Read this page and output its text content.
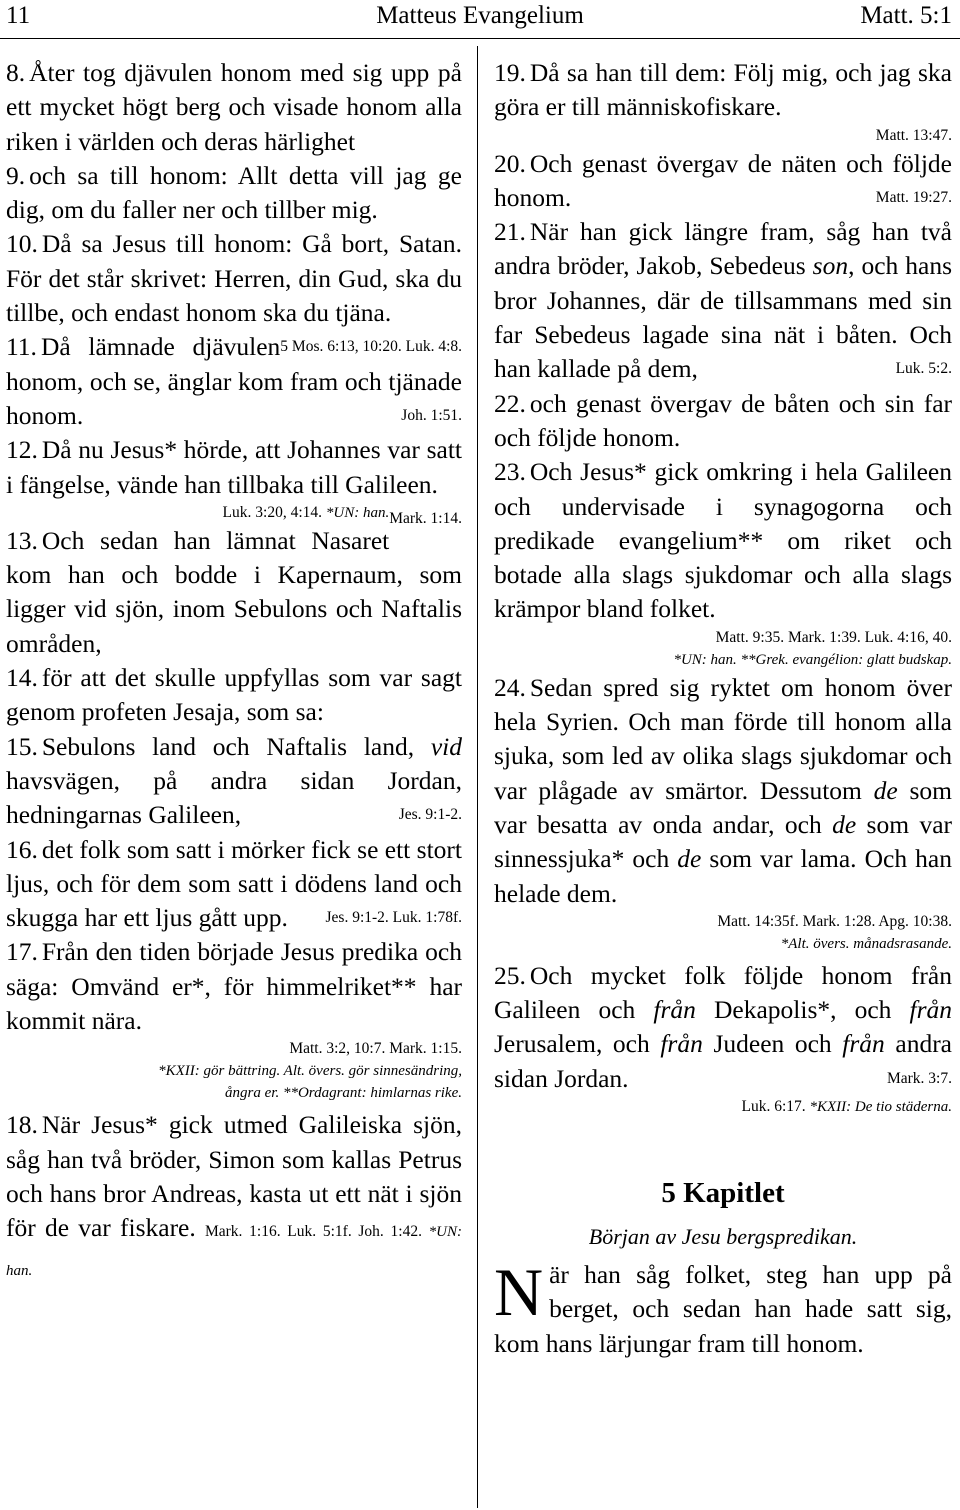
11	Matteus Evangelium	Matt. 5:1

8. Åter tog djävulen honom med sig upp på ett mycket högt berg och visade honom alla riken i världen och deras härlighet

9. och sa till honom: Allt detta vill jag ge dig, om du faller ner och tillber mig.

10. Då sa Jesus till honom: Gå bort, Satan. För det står skrivet: Herren, din Gud, ska du tillbe, och endast honom ska du tjäna.
5 Mos. 6:13, 10:20. Luk. 4:8.

11. Då lämnade djävulen honom, och se, änglar kom fram och tjänade honom.	Joh. 1:51.

12. Då nu Jesus* hörde, att Johannes var satt i fängelse, vände han tillbaka till Galileen.
Mark. 1:14.

Luk. 3:20, 4:14. *UN: han.

13. Och sedan han lämnat Nasaret kom han och bodde i Kapernaum, som ligger vid sjön, inom Sebulons och Naftalis områden,

14. för att det skulle uppfyllas som var sagt genom profeten Jesaja, som sa:

15. Sebulons land och Naftalis land, vid havsvägen, på andra sidan Jordan, hedningarnas Galileen,	Jes. 9:1-2.

16. det folk som satt i mörker fick se ett stort ljus, och för dem som satt i dödens land och skugga har ett ljus gått upp. Jes. 9:1-2. Luk. 1:78f.

17. Från den tiden började Jesus predika och säga: Omvänd er*, för himmelriket** har kommit nära.

Matt. 3:2, 10:7. Mark. 1:15.
*KXII: gör bättring. Alt. övers. gör sinnesändring,
ångra er. **Ordagrant: himlarnas rike.

18. När Jesus* gick utmed Galileiska sjön, såg han två bröder, Simon som kallas Petrus och hans bror Andreas, kasta ut ett nät i sjön för de var fiskare. Mark. 1:16. Luk. 5:1f. Joh. 1:42. *UN: han.

19. Då sa han till dem: Följ mig, och jag ska göra er till människofiskare.

Matt. 13:47.

20. Och genast övergav de näten och följde honom.	Matt. 19:27.

21. När han gick längre fram, såg han två andra bröder, Jakob, Sebedeus son, och hans bror Johannes, där de tillsammans med sin far Sebedeus lagade sina nät i båten. Och han kallade på dem,	Luk. 5:2.

22. och genast övergav de båten och sin far och följde honom.

23. Och Jesus* gick omkring i hela Galileen och undervisade i synagogorna och predikade evangelium** om riket och botade alla slags sjukdomar och alla slags krämpor bland folket.

Matt. 9:35. Mark. 1:39. Luk. 4:16, 40.
*UN: han. **Grek. evangélion: glatt budskap.

24. Sedan spred sig ryktet om honom över hela Syrien. Och man förde till honom alla sjuka, som led av olika slags sjukdomar och var plågade av smärtor. Dessutom de som var besatta av onda andar, och de som var sinnessjuka* och de som var lama. Och han helade dem.

Matt. 14:35f. Mark. 1:28. Apg. 10:38.
*Alt. övers. månadsrasande.

25. Och mycket folk följde honom från Galileen och från Dekapolis*, och från Jerusalem, och från Judeen och från andra sidan Jordan.	Mark. 3:7.

Luk. 6:17. *KXII: De tio städerna.
5 Kapitlet
Början av Jesu bergspredikan.

När han såg folket, steg han upp på berget, och sedan han hade satt sig, kom hans lärjungar fram till honom.
